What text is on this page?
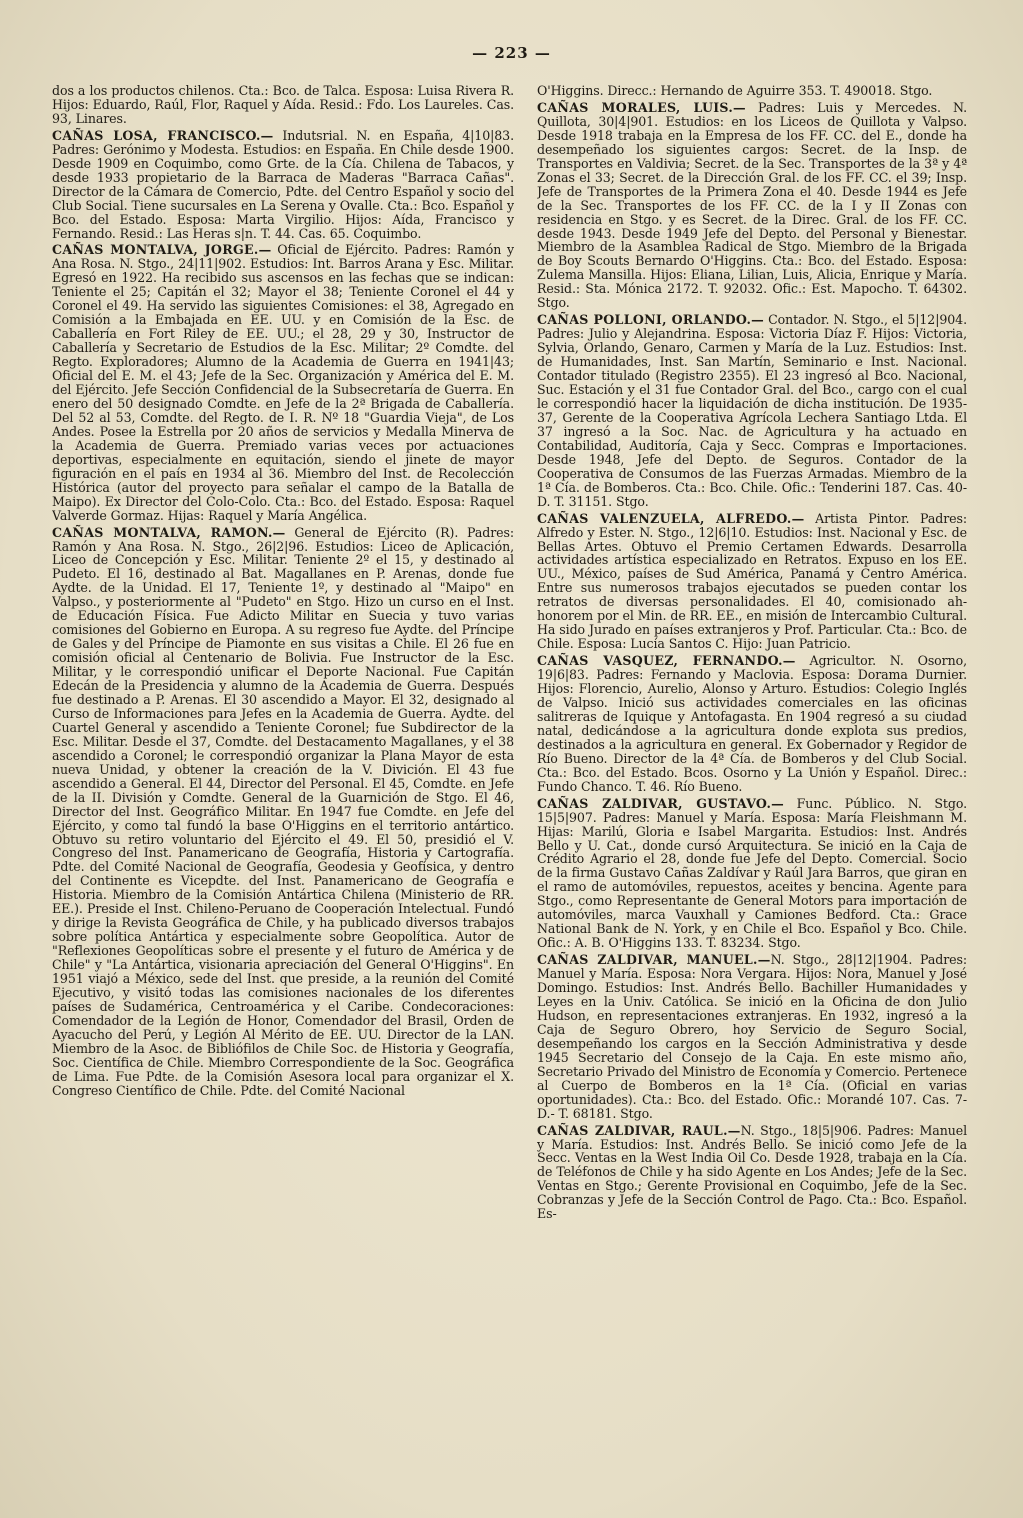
— 223 —

dos a los productos chilenos. Cta.: Bco. de Talca. Esposa: Luisa Rivera R. Hijos: Eduardo, Raúl, Flor, Raquel y Aída. Resid.: Fdo. Los Laureles. Cas. 93, Linares.

CAÑAS LOSA, FRANCISCO.— Indutsrial. N. en España, 4|10|83. Padres: Gerónimo y Modesta. Estudios: en España. En Chile desde 1900. Desde 1909 en Coquimbo, como Grte. de la Cía. Chilena de Tabacos, y desde 1933 propietario de la Barraca de Maderas "Barraca Cañas". Director de la Cámara de Comercio, Pdte. del Centro Español y socio del Club Social. Tiene sucursales en La Serena y Ovalle. Cta.: Bco. Español y Bco. del Estado. Esposa: Marta Virgilio. Hijos: Aída, Francisco y Fernando. Resid.: Las Heras s|n. T. 44. Cas. 65. Coquimbo.

CAÑAS MONTALVA, JORGE.— Oficial de Ejército. Padres: Ramón y Ana Rosa. N. Stgo., 24|11|902. Estudios: Int. Barros Arana y Esc. Militar. Egresó en 1922. Ha recibido sus ascensos en las fechas que se indican: Teniente el 25; Capitán el 32; Mayor el 38; Teniente Coronel el 44 y Coronel el 49. Ha servido las siguientes Comisiones: el 38, Agregado en Comisión a la Embajada en EE. UU. y en Comisión de la Esc. de Caballería en Fort Riley de EE. UU.; el 28, 29 y 30, Instructor de Caballería y Secretario de Estudios de la Esc. Militar; 2º Comdte. del Regto. Exploradores; Alumno de la Academia de Guerra en 1941|43; Oficial del E. M. el 43; Jefe de la Sec. Organización y América del E. M. del Ejército. Jefe Sección Confidencial de la Subsecretaría de Guerra. En enero del 50 designado Comdte. en Jefe de la 2ª Brigada de Caballería. Del 52 al 53, Comdte. del Regto. de I. R. Nº 18 "Guardia Vieja", de Los Andes. Posee la Estrella por 20 años de servicios y Medalla Minerva de la Academia de Guerra. Premiado varias veces por actuaciones deportivas, especialmente en equitación, siendo el jinete de mayor figuración en el país en 1934 al 36. Miembro del Inst. de Recolección Histórica (autor del proyecto para señalar el campo de la Batalla de Maipo). Ex Director del Colo-Colo. Cta.: Bco. del Estado. Esposa: Raquel Valverde Gormaz. Hijas: Raquel y María Angélica.

CAÑAS MONTALVA, RAMON.— General de Ejército (R). Padres: Ramón y Ana Rosa. N. Stgo., 26|2|96. Estudios: Liceo de Aplicación, Liceo de Concepción y Esc. Militar. Teniente 2º el 15, y destinado al Pudeto. El 16, destinado al Bat. Magallanes en P. Arenas, donde fue Aydte. de la Unidad. El 17, Teniente 1º, y destinado al "Maipo" en Valpso., y posteriormente al "Pudeto" en Stgo. Hizo un curso en el Inst. de Educación Física. Fue Adicto Militar en Suecia y tuvo varias comisiones del Gobierno en Europa. A su regreso fue Aydte. del Príncipe de Gales y del Príncipe de Piamonte en sus visitas a Chile. El 26 fue en comisión oficial al Centenario de Bolivia. Fue Instructor de la Esc. Militar, y le correspondió unificar el Deporte Nacional. Fue Capitán Edecán de la Presidencia y alumno de la Academia de Guerra. Después fue destinado a P. Arenas. El 30 ascendido a Mayor. El 32, designado al Curso de Informaciones para Jefes en la Academia de Guerra. Aydte. del Cuartel General y ascendido a Teniente Coronel; fue Subdirector de la Esc. Militar. Desde el 37, Comdte. del Destacamento Magallanes, y el 38 ascendido a Coronel; le correspondió organizar la Plana Mayor de esta nueva Unidad, y obtener la creación de la V. Divición. El 43 fue ascendido a General. El 44, Director del Personal. El 45, Comdte. en Jefe de la II. División y Comdte. General de la Guarnición de Stgo. El 46, Director del Inst. Geográfico Militar. En 1947 fue Comdte. en Jefe del Ejército, y como tal fundó la base O'Higgins en el territorio antártico. Obtuvo su retiro voluntario del Ejército el 49. El 50, presidió el V. Congreso del Inst. Panamericano de Geografía, Historia y Cartografía. Pdte. del Comité Nacional de Geografía, Geodesia y Geofísica, y dentro del Continente es Vicepdte. del Inst. Panamericano de Geografía e Historia. Miembro de la Comisión Antártica Chilena (Ministerio de RR. EE.). Preside el Inst. Chileno-Peruano de Cooperación Intelectual. Fundó y dirige la Revista Geográfica de Chile, y ha publicado diversos trabajos sobre política Antártica y especialmente sobre Geopolítica. Autor de "Reflexiones Geopolíticas sobre el presente y el futuro de América y de Chile" y "La Antártica, visionaria apreciación del General O'Higgins". En 1951 viajó a México, sede del Inst. que preside, a la reunión del Comité Ejecutivo, y visitó todas las comisiones nacionales de los diferentes países de Sudamérica, Centroamérica y el Caribe. Condecoraciones: Comendador de la Legión de Honor, Comendador del Brasil, Orden de Ayacucho del Perú, y Legión Al Mérito de EE. UU. Director de la LAN. Miembro de la Asoc. de Bibliófilos de Chile Soc. de Historia y Geografía, Soc. Científica de Chile. Miembro Correspondiente de la Soc. Geográfica de Lima. Fue Pdte. de la Comisión Asesora local para organizar el X. Congreso Científico de Chile. Pdte. del Comité Nacional

O'Higgins. Direcc.: Hernando de Aguirre 353. T. 490018. Stgo.

CAÑAS MORALES, LUIS.— Padres: Luis y Mercedes. N. Quillota, 30|4|901. Estudios: en los Liceos de Quillota y Valpso. Desde 1918 trabaja en la Empresa de los FF. CC. del E., donde ha desempeñado los siguientes cargos: Secret. de la Insp. de Transportes en Valdivia; Secret. de la Sec. Transportes de la 3ª y 4ª Zonas el 33; Secret. de la Dirección Gral. de los FF. CC. el 39; Insp. Jefe de Transportes de la Primera Zona el 40. Desde 1944 es Jefe de la Sec. Transportes de los FF. CC. de la I y II Zonas con residencia en Stgo. y es Secret. de la Direc. Gral. de los FF. CC. desde 1943. Desde 1949 Jefe del Depto. del Personal y Bienestar. Miembro de la Asamblea Radical de Stgo. Miembro de la Brigada de Boy Scouts Bernardo O'Higgins. Cta.: Bco. del Estado. Esposa: Zulema Mansilla. Hijos: Eliana, Lilian, Luis, Alicia, Enrique y María. Resid.: Sta. Mónica 2172. T. 92032. Ofic.: Est. Mapocho. T. 64302. Stgo.

CAÑAS POLLONI, ORLANDO.— Contador. N. Stgo., el 5|12|904. Padres: Julio y Alejandrina. Esposa: Victoria Díaz F. Hijos: Victoria, Sylvia, Orlando, Genaro, Carmen y María de la Luz. Estudios: Inst. de Humanidades, Inst. San Martín, Seminario e Inst. Nacional. Contador titulado (Registro 2355). El 23 ingresó al Bco. Nacional, Suc. Estación y el 31 fue Contador Gral. del Bco., cargo con el cual le correspondió hacer la liquidación de dicha institución. De 1935-37, Gerente de la Cooperativa Agrícola Lechera Santiago Ltda. El 37 ingresó a la Soc. Nac. de Agricultura y ha actuado en Contabilidad, Auditoría, Caja y Secc. Compras e Importaciones. Desde 1948, Jefe del Depto. de Seguros. Contador de la Cooperativa de Consumos de las Fuerzas Armadas. Miembro de la 1ª Cía. de Bomberos. Cta.: Bco. Chile. Ofic.: Tenderini 187. Cas. 40-D. T. 31151. Stgo.

CAÑAS VALENZUELA, ALFREDO.— Artista Pintor. Padres: Alfredo y Ester. N. Stgo., 12|6|10. Estudios: Inst. Nacional y Esc. de Bellas Artes. Obtuvo el Premio Certamen Edwards. Desarrolla actividades artística especializado en Retratos. Expuso en los EE. UU., México, países de Sud América, Panamá y Centro América. Entre sus numerosos trabajos ejecutados se pueden contar los retratos de diversas personalidades. El 40, comisionado ah-honorem por el Min. de RR. EE., en misión de Intercambio Cultural. Ha sido Jurado en países extranjeros y Prof. Particular. Cta.: Bco. de Chile. Esposa: Lucía Santos C. Hijo: Juan Patricio.

CAÑAS VASQUEZ, FERNANDO.— Agricultor. N. Osorno, 19|6|83. Padres: Fernando y Maclovia. Esposa: Dorama Durnier. Hijos: Florencio, Aurelio, Alonso y Arturo. Estudios: Colegio Inglés de Valpso. Inició sus actividades comerciales en las oficinas salitreras de Iquique y Antofagasta. En 1904 regresó a su ciudad natal, dedicándose a la agricultura donde explota sus predios, destinados a la agricultura en general. Ex Gobernador y Regidor de Río Bueno. Director de la 4ª Cía. de Bomberos y del Club Social. Cta.: Bco. del Estado. Bcos. Osorno y La Unión y Español. Direc.: Fundo Chanco. T. 46. Río Bueno.

CAÑAS ZALDIVAR, GUSTAVO.— Func. Público. N. Stgo. 15|5|907. Padres: Manuel y María. Esposa: María Fleishmann M. Hijas: Marilú, Gloria e Isabel Margarita. Estudios: Inst. Andrés Bello y U. Cat., donde cursó Arquitectura. Se inició en la Caja de Crédito Agrario el 28, donde fue Jefe del Depto. Comercial. Socio de la firma Gustavo Cañas Zaldívar y Raúl Jara Barros, que giran en el ramo de automóviles, repuestos, aceites y bencina. Agente para Stgo., como Representante de General Motors para importación de automóviles, marca Vauxhall y Camiones Bedford. Cta.: Grace National Bank de N. York, y en Chile el Bco. Español y Bco. Chile. Ofic.: A. B. O'Higgins 133. T. 83234. Stgo.

CAÑAS ZALDIVAR, MANUEL.—N. Stgo., 28|12|1904. Padres: Manuel y María. Esposa: Nora Vergara. Hijos: Nora, Manuel y José Domingo. Estudios: Inst. Andrés Bello. Bachiller Humanidades y Leyes en la Univ. Católica. Se inició en la Oficina de don Julio Hudson, en representaciones extranjeras. En 1932, ingresó a la Caja de Seguro Obrero, hoy Servicio de Seguro Social, desempeñando los cargos en la Sección Administrativa y desde 1945 Secretario del Consejo de la Caja. En este mismo año, Secretario Privado del Ministro de Economía y Comercio. Pertenece al Cuerpo de Bomberos en la 1ª Cía. (Oficial en varias oportunidades). Cta.: Bco. del Estado. Ofic.: Morandé 107. Cas. 7-D.- T. 68181. Stgo.

CAÑAS ZALDIVAR, RAUL.—N. Stgo., 18|5|906. Padres: Manuel y María. Estudios: Inst. Andrés Bello. Se inició como Jefe de la Secc. Ventas en la West India Oil Co. Desde 1928, trabaja en la Cía. de Teléfonos de Chile y ha sido Agente en Los Andes; Jefe de la Sec. Ventas en Stgo.; Gerente Provisional en Coquimbo, Jefe de la Sec. Cobranzas y Jefe de la Sección Control de Pago. Cta.: Bco. Español. Es-
